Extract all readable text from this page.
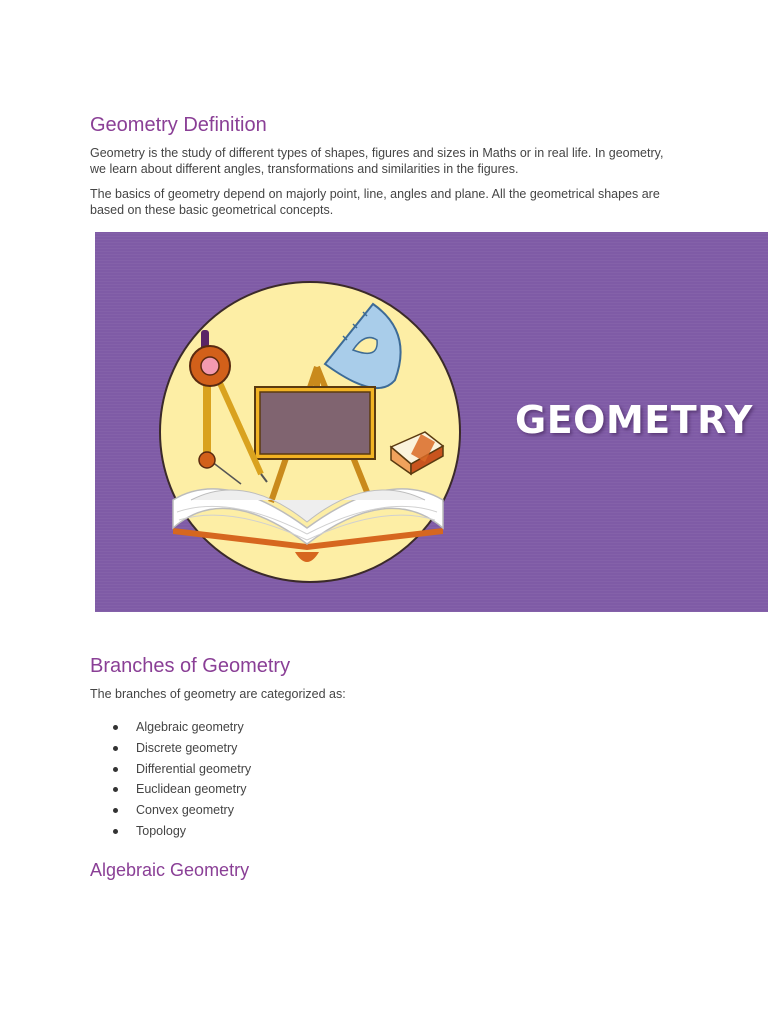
Geometry Definition

Geometry is the study of different types of shapes, figures and sizes in Maths or in real life. In geometry, we learn about different angles, transformations and similarities in the figures.

The basics of geometry depend on majorly point, line, angles and plane. All the geometrical shapes are based on these basic geometrical concepts.

GEOMETRY
Branches of Geometry

The branches of geometry are categorized as:

Algebraic geometry
Discrete geometry
Differential geometry
Euclidean geometry
Convex geometry
Topology
Algebraic Geometry
